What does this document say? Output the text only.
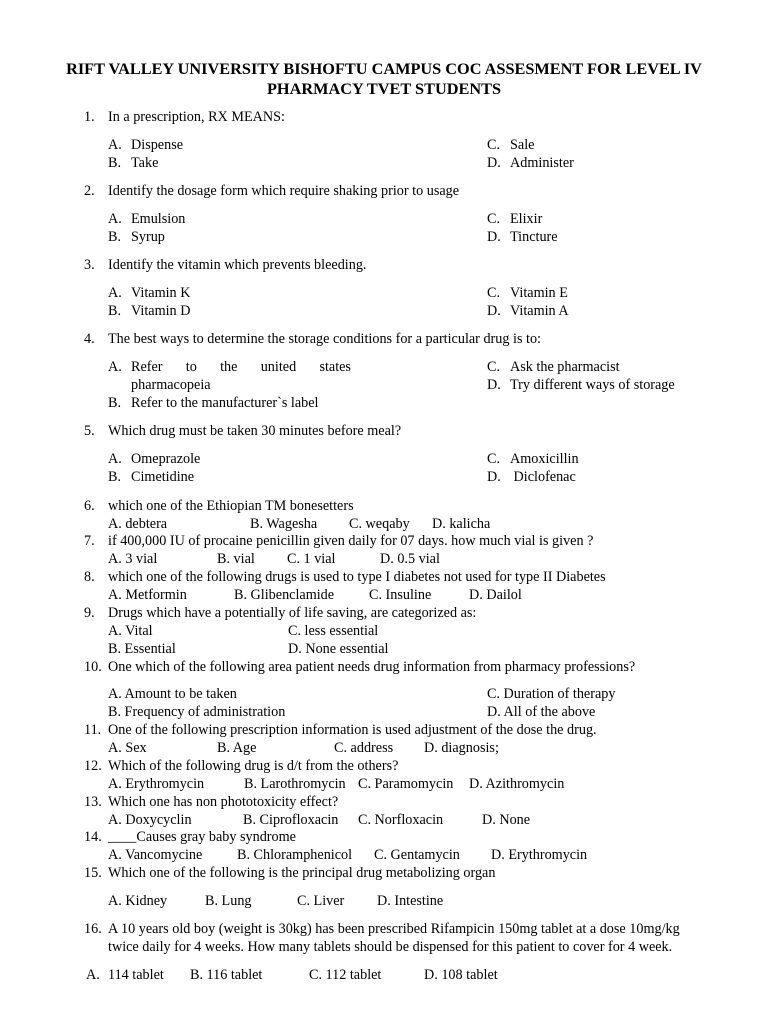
RIFT VALLEY UNIVERSITY BISHOFTU CAMPUS COC ASSESMENT FOR LEVEL IV
PHARMACY TVET STUDENTS
1. In a prescription, RX MEANS:
A. Dispense
B. Take
C. Sale
D. Administer
2. Identify the dosage form which require shaking prior to usage
A. Emulsion
B. Syrup
C. Elixir
D. Tincture
3. Identify the vitamin which prevents bleeding.
A. Vitamin K
B. Vitamin D
C. Vitamin E
D. Vitamin A
4. The best ways to determine the storage conditions for a particular drug is to:
A. Refer to the united states
pharmacopeia
B. Refer to the manufacturer`s label
C. Ask the pharmacist
D. Try different ways of storage
5. Which drug must be taken 30 minutes before meal?
A. Omeprazole
B. Cimetidine
C. Amoxicillin
D. Diclofenac
6. which one of the Ethiopian TM bonesetters
A. debtera	B. Wagesha C. weqaby D. kalicha
7. if 400,000 IU of procaine penicillin given daily for 07 days. how much vial is given ?
A. 3 vial	B. vial C. 1 vial	D. 0.5 vial
8. which one of the following drugs is used to type I diabetes not used for type II Diabetes
A. Metformin	B. Glibenclamide C. Insuline	D. Dailol
9. Drugs which have a potentially of life saving, are categorized as:
A. Vital
B. Essential
C. less essential
D. None essential
10. One which of the following area patient needs drug information from pharmacy professions?
A. Amount to be taken
B. Frequency of administration
C. Duration of therapy
D. All of the above
11. One of the following prescription information is used adjustment of the dose the drug.
A. Sex	B. Age	C. address D. diagnosis;
12. Which of the following drug is d/t from the others?
A. Erythromycin	B. Larothromycin C. Paramomycin D. Azithromycin
13. Which one has non phototoxicity effect?
A. Doxycyclin	B. Ciprofloxacin C. Norfloxacin	D. None
14. ____Causes gray baby syndrome
A. Vancomycine B. Chloramphenicol C. Gentamycin D. Erythromycin
15. Which one of the following is the principal drug metabolizing organ
A. Kidney	B. Lung	C. Liver D. Intestine
16. A 10 years old boy (weight is 30kg) has been prescribed Rifampicin 150mg tablet at a dose 10mg/kg
twice daily for 4 weeks. How many tablets should be dispensed for this patient to cover for 4 week.
A. 114 tablet B. 116 tablet	C. 112 tablet	D. 108 tablet
